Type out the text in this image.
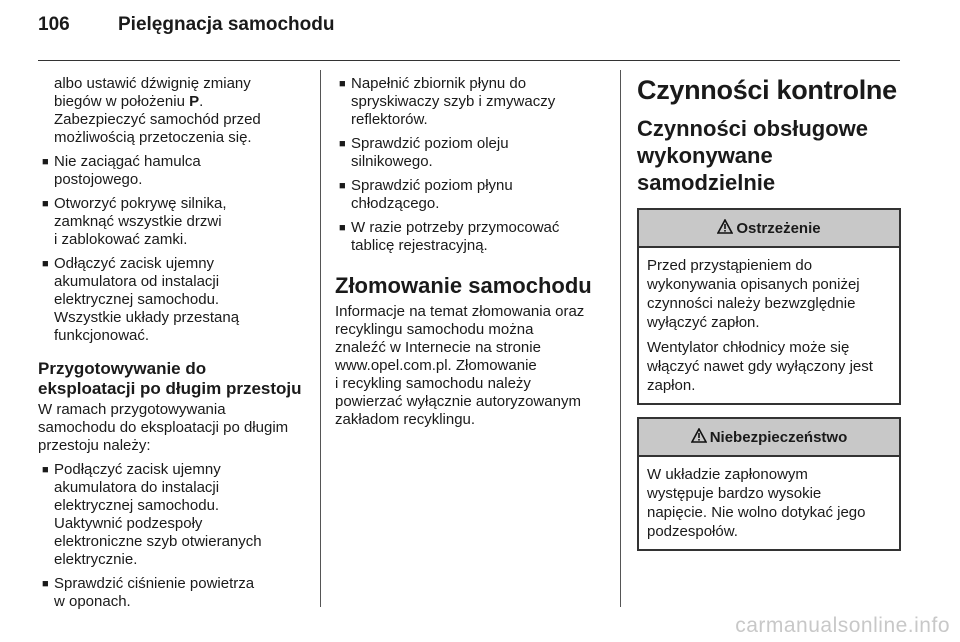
106	Pielęgnacja samochodu
albo ustawić dźwignię zmiany
biegów w położeniu P.
Zabezpieczyć samochód przed
możliwością przetoczenia się.
■ Nie zaciągać hamulca
postojowego.
■ Otworzyć pokrywę silnika,
zamknąć wszystkie drzwi
i zablokować zamki.
■ Odłączyć zacisk ujemny
akumulatora od instalacji
elektrycznej samochodu.
Wszystkie układy przestaną
funkcjonować.
Przygotowywanie do
eksploatacji po długim przestoju

W ramach przygotowywania
samochodu do eksploatacji po długim
przestoju należy:

■ Podłączyć zacisk ujemny
akumulatora do instalacji
elektrycznej samochodu.
Uaktywnić podzespoły
elektroniczne szyb otwieranych
elektrycznie.
■ Sprawdzić ciśnienie powietrza
w oponach.
■ Napełnić zbiornik płynu do
spryskiwaczy szyb i zmywaczy
reflektorów.
■ Sprawdzić poziom oleju
silnikowego.
■ Sprawdzić poziom płynu
chłodzącego.
■ W razie potrzeby przymocować
tablicę rejestracyjną.
Złomowanie samochodu

Informacje na temat złomowania oraz
recyklingu samochodu można
znaleźć w Internecie na stronie
www.opel.com.pl. Złomowanie
i recykling samochodu należy
powierzać wyłącznie autoryzowanym
zakładom recyklingu.

Czynności kontrolne
Czynności obsługowe
wykonywane samodzielnie
Ostrzeżenie

Przed przystąpieniem do
wykonywania opisanych poniżej
czynności należy bezwzględnie
wyłączyć zapłon.

Wentylator chłodnicy może się
włączyć nawet gdy wyłączony jest
zapłon.

Niebezpieczeństwo

W układzie zapłonowym
występuje bardzo wysokie
napięcie. Nie wolno dotykać jego
podzespołów.

carmanualsonline.info
